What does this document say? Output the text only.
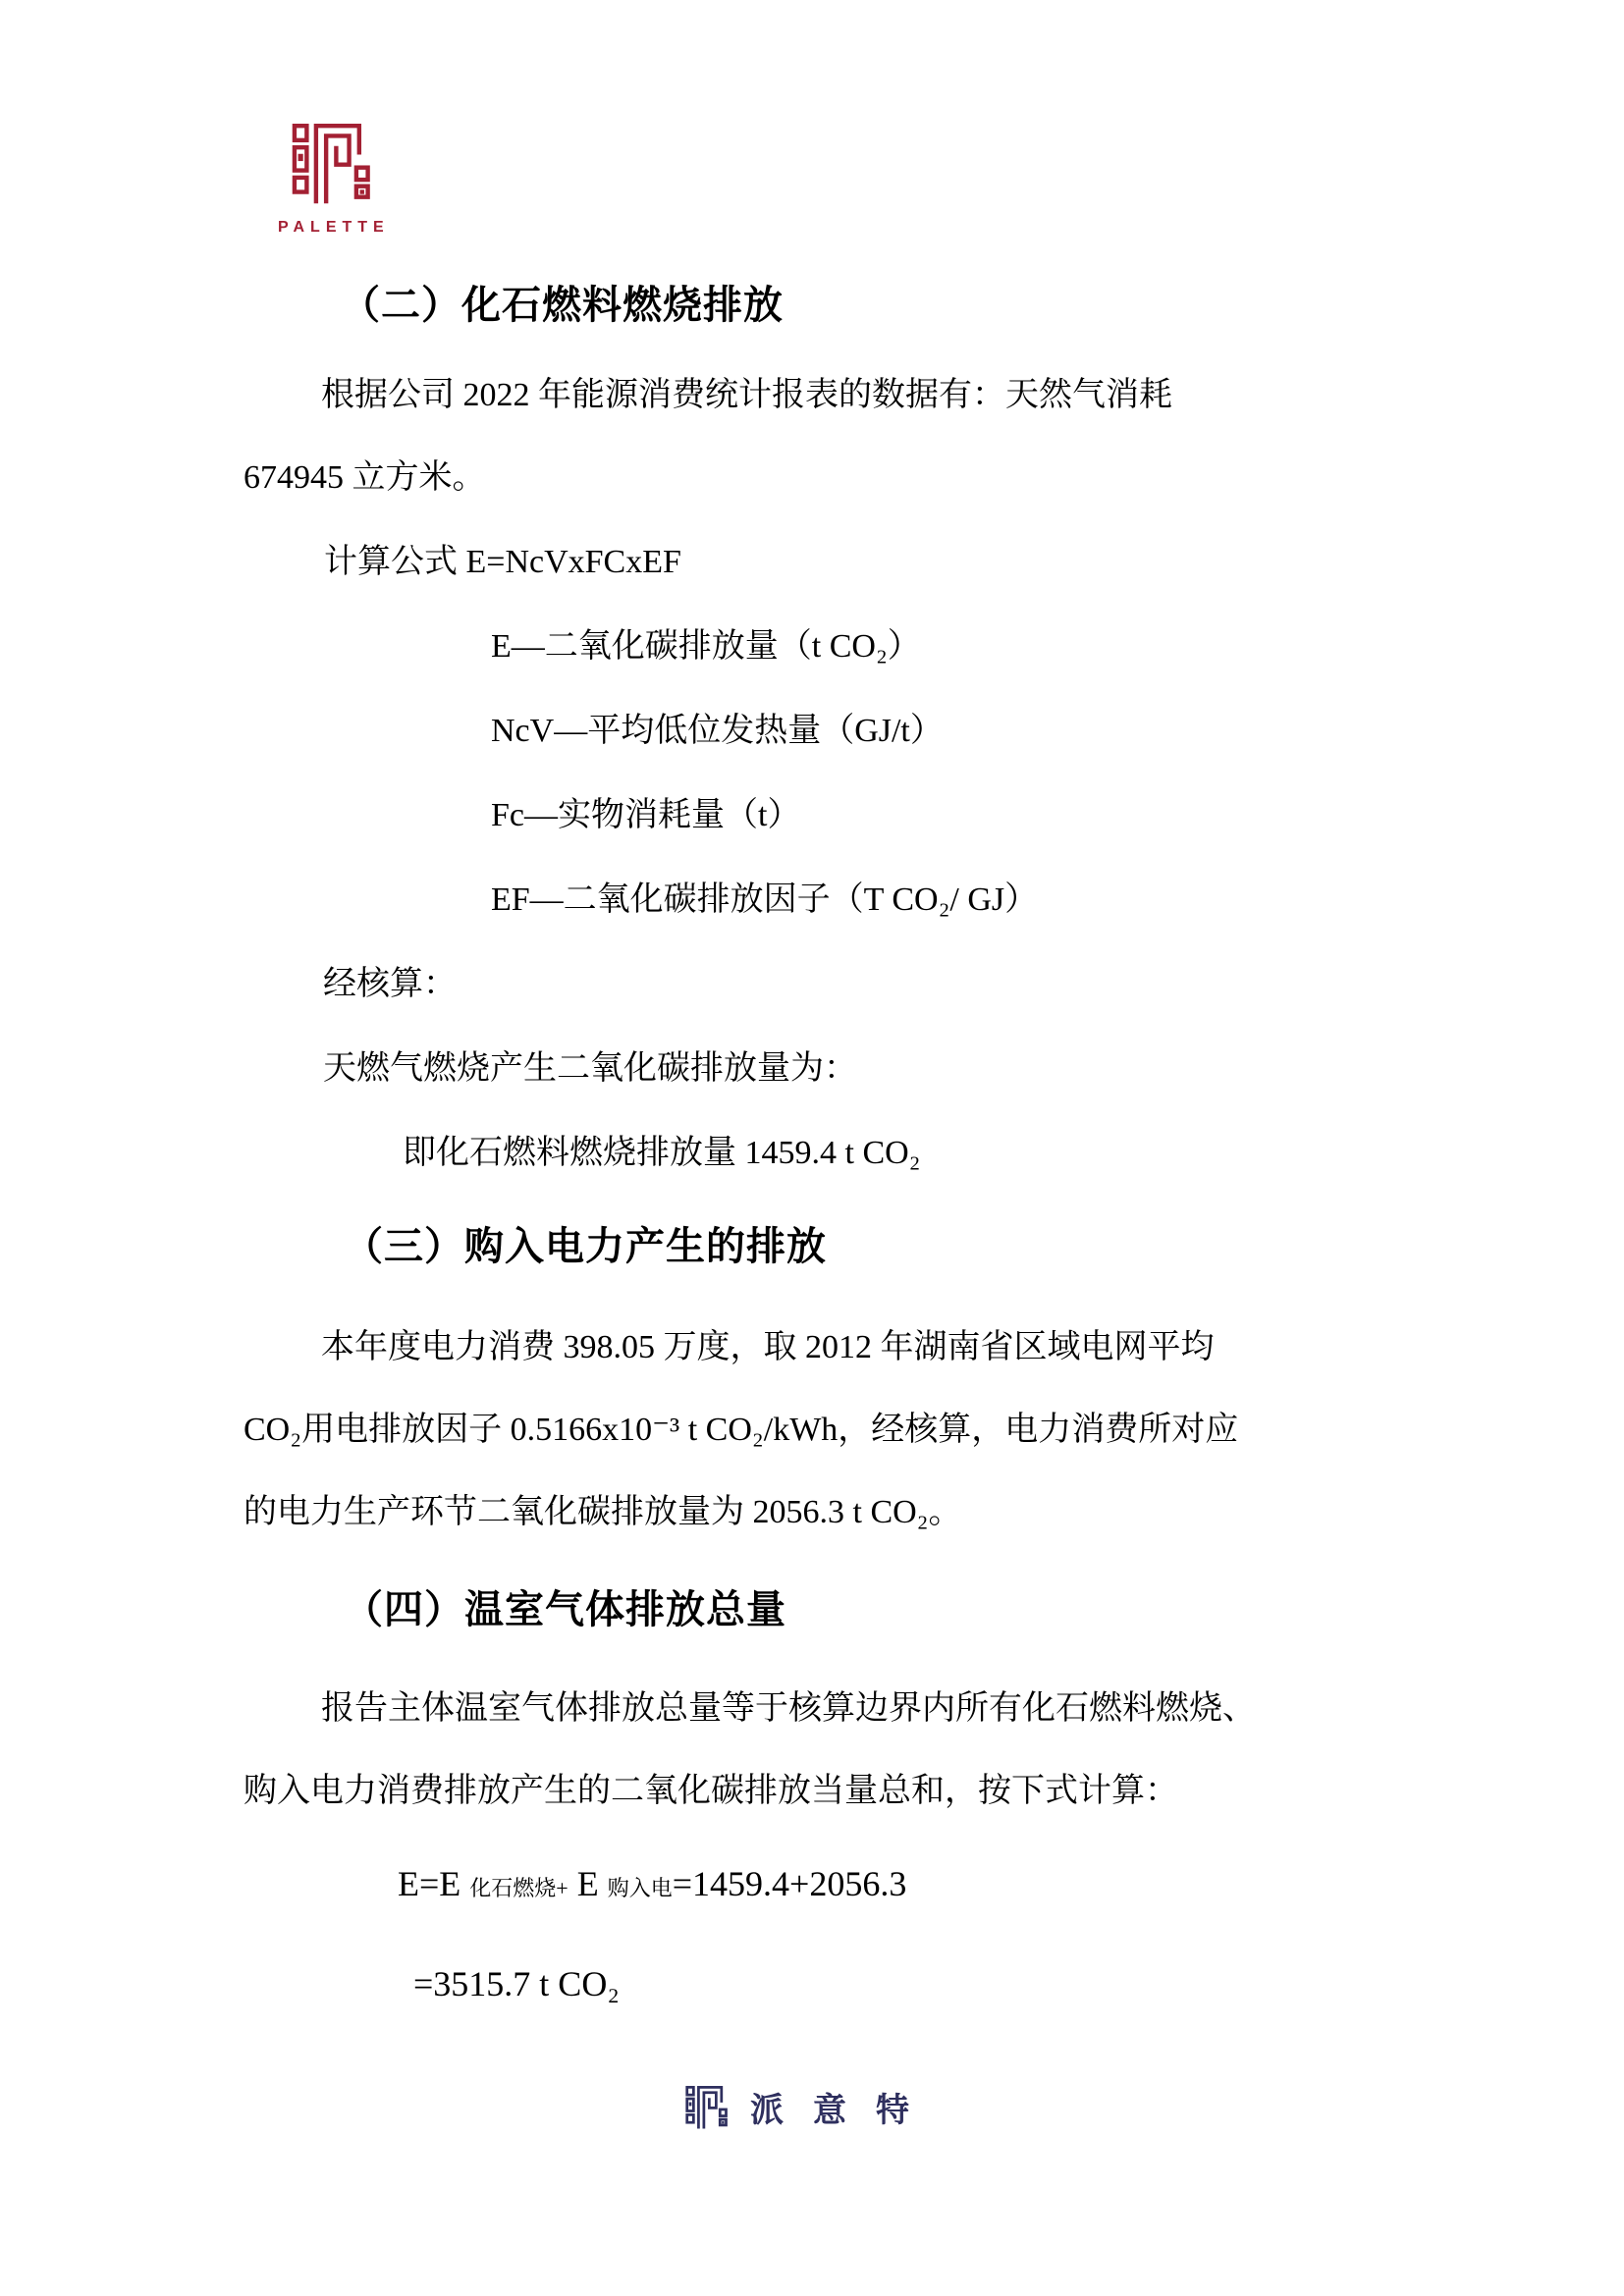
PALETTE
（二）化石燃料燃烧排放
根据公司 2022 年能源消费统计报表的数据有：天然气消耗
674945 立方米。
计算公式 E=NcVxFCxEF
E—二氧化碳排放量（t CO₂）
NcV—平均低位发热量（GJ/t）
Fc—实物消耗量（t）
EF—二氧化碳排放因子（T CO₂/ GJ）
经核算：
天燃气燃烧产生二氧化碳排放量为：
即化石燃料燃烧排放量 1459.4 t CO₂
（三）购入电力产生的排放
本年度电力消费 398.05 万度，取 2012 年湖南省区域电网平均
CO₂用电排放因子 0.5166x10⁻³ t CO₂/kWh，经核算，电力消费所对应
的电力生产环节二氧化碳排放量为 2056.3 t CO₂。
（四）温室气体排放总量
报告主体温室气体排放总量等于核算边界内所有化石燃料燃烧、
购入电力消费排放产生的二氧化碳排放当量总和，按下式计算：
E=E 化石燃烧+ E 购入电=1459.4+2056.3
=3515.7 t CO₂
派意特
